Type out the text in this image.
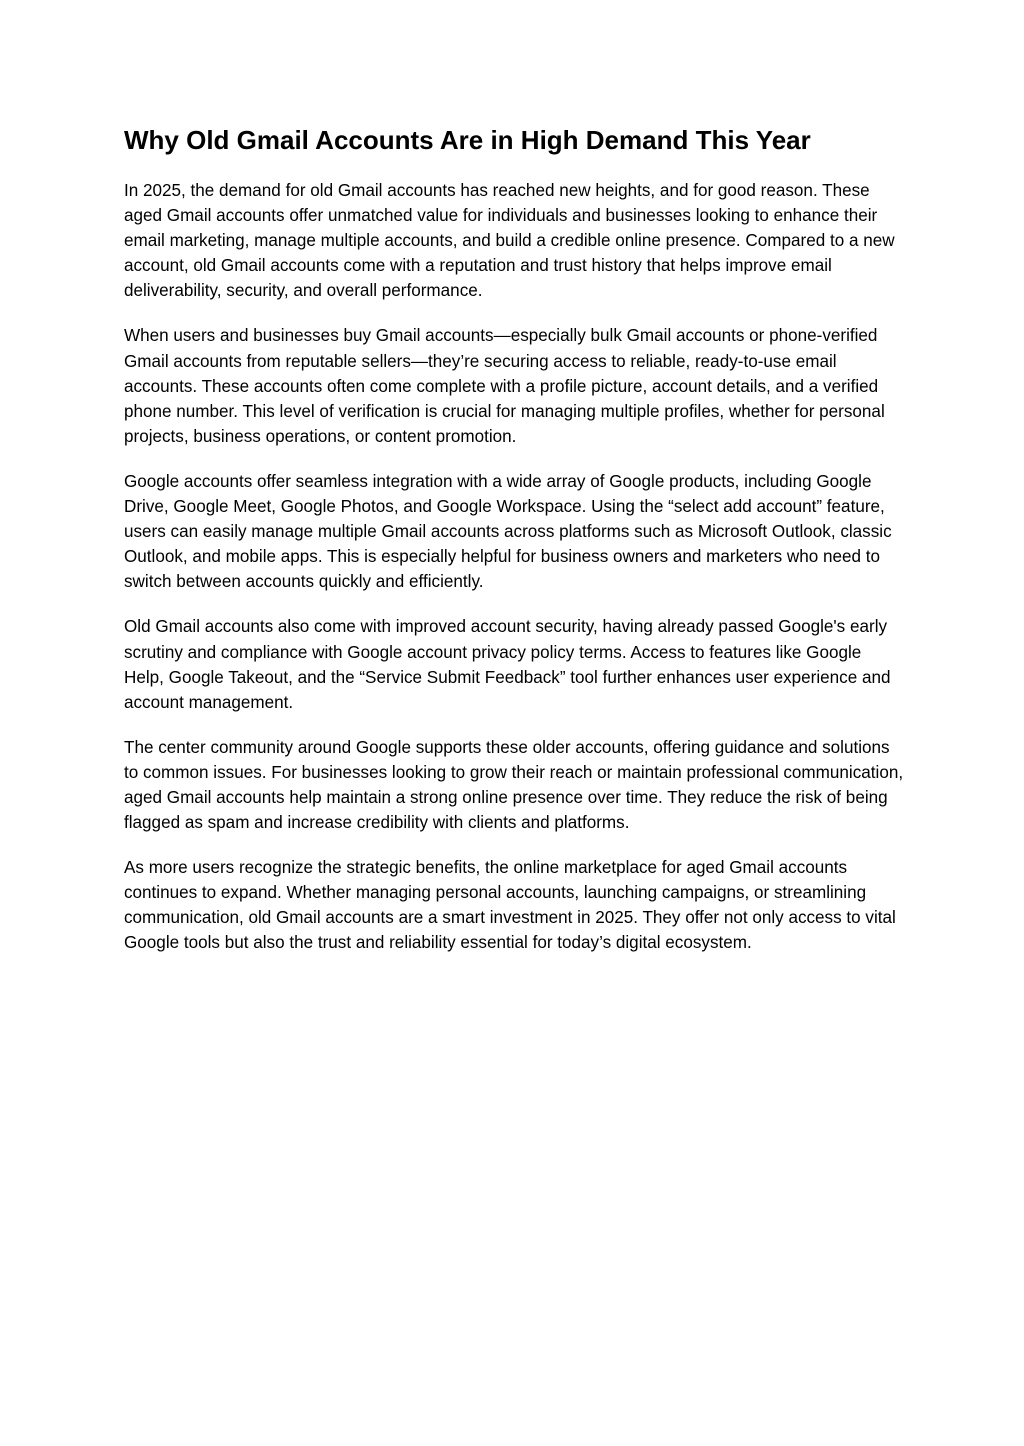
Why Old Gmail Accounts Are in High Demand This Year

In 2025, the demand for old Gmail accounts has reached new heights, and for good reason. These aged Gmail accounts offer unmatched value for individuals and businesses looking to enhance their email marketing, manage multiple accounts, and build a credible online presence. Compared to a new account, old Gmail accounts come with a reputation and trust history that helps improve email deliverability, security, and overall performance.

When users and businesses buy Gmail accounts—especially bulk Gmail accounts or phone-verified Gmail accounts from reputable sellers—they’re securing access to reliable, ready-to-use email accounts. These accounts often come complete with a profile picture, account details, and a verified phone number. This level of verification is crucial for managing multiple profiles, whether for personal projects, business operations, or content promotion.

Google accounts offer seamless integration with a wide array of Google products, including Google Drive, Google Meet, Google Photos, and Google Workspace. Using the “select add account” feature, users can easily manage multiple Gmail accounts across platforms such as Microsoft Outlook, classic Outlook, and mobile apps. This is especially helpful for business owners and marketers who need to switch between accounts quickly and efficiently.

Old Gmail accounts also come with improved account security, having already passed Google's early scrutiny and compliance with Google account privacy policy terms. Access to features like Google Help, Google Takeout, and the “Service Submit Feedback” tool further enhances user experience and account management.

The center community around Google supports these older accounts, offering guidance and solutions to common issues. For businesses looking to grow their reach or maintain professional communication, aged Gmail accounts help maintain a strong online presence over time. They reduce the risk of being flagged as spam and increase credibility with clients and platforms.

As more users recognize the strategic benefits, the online marketplace for aged Gmail accounts continues to expand. Whether managing personal accounts, launching campaigns, or streamlining communication, old Gmail accounts are a smart investment in 2025. They offer not only access to vital Google tools but also the trust and reliability essential for today’s digital ecosystem.
